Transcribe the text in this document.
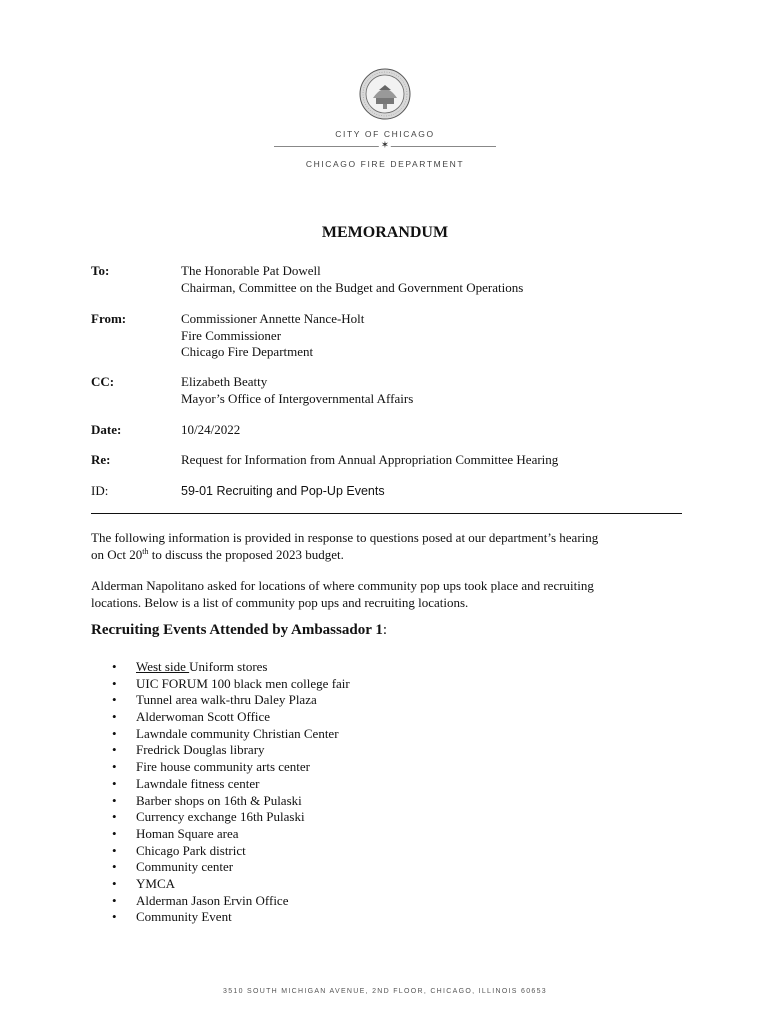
CITY OF CHICAGO
✶
CHICAGO FIRE DEPARTMENT
MEMORANDUM
To:	The Honorable Pat Dowell
Chairman, Committee on the Budget and Government Operations
From:	Commissioner Annette Nance-Holt
Fire Commissioner
Chicago Fire Department
CC:	Elizabeth Beatty
Mayor’s Office of Intergovernmental Affairs
Date:	10/24/2022
Re:	Request for Information from Annual Appropriation Committee Hearing
ID:	59-01 Recruiting and Pop-Up Events
The following information is provided in response to questions posed at our department’s hearing
on Oct 20th to discuss the proposed 2023 budget.
Alderman Napolitano asked for locations of where community pop ups took place and recruiting
locations. Below is a list of community pop ups and recruiting locations.
Recruiting Events Attended by Ambassador 1:
• West side Uniform stores
• UIC FORUM 100 black men college fair
• Tunnel area walk-thru Daley Plaza
• Alderwoman Scott Office
• Lawndale community Christian Center
• Fredrick Douglas library
• Fire house community arts center
• Lawndale fitness center
• Barber shops on 16th & Pulaski
• Currency exchange 16th Pulaski
• Homan Square area
• Chicago Park district
• Community center
• YMCA
• Alderman Jason Ervin Office
• Community Event
3510 SOUTH MICHIGAN AVENUE, 2ND FLOOR, CHICAGO, ILLINOIS 60653
